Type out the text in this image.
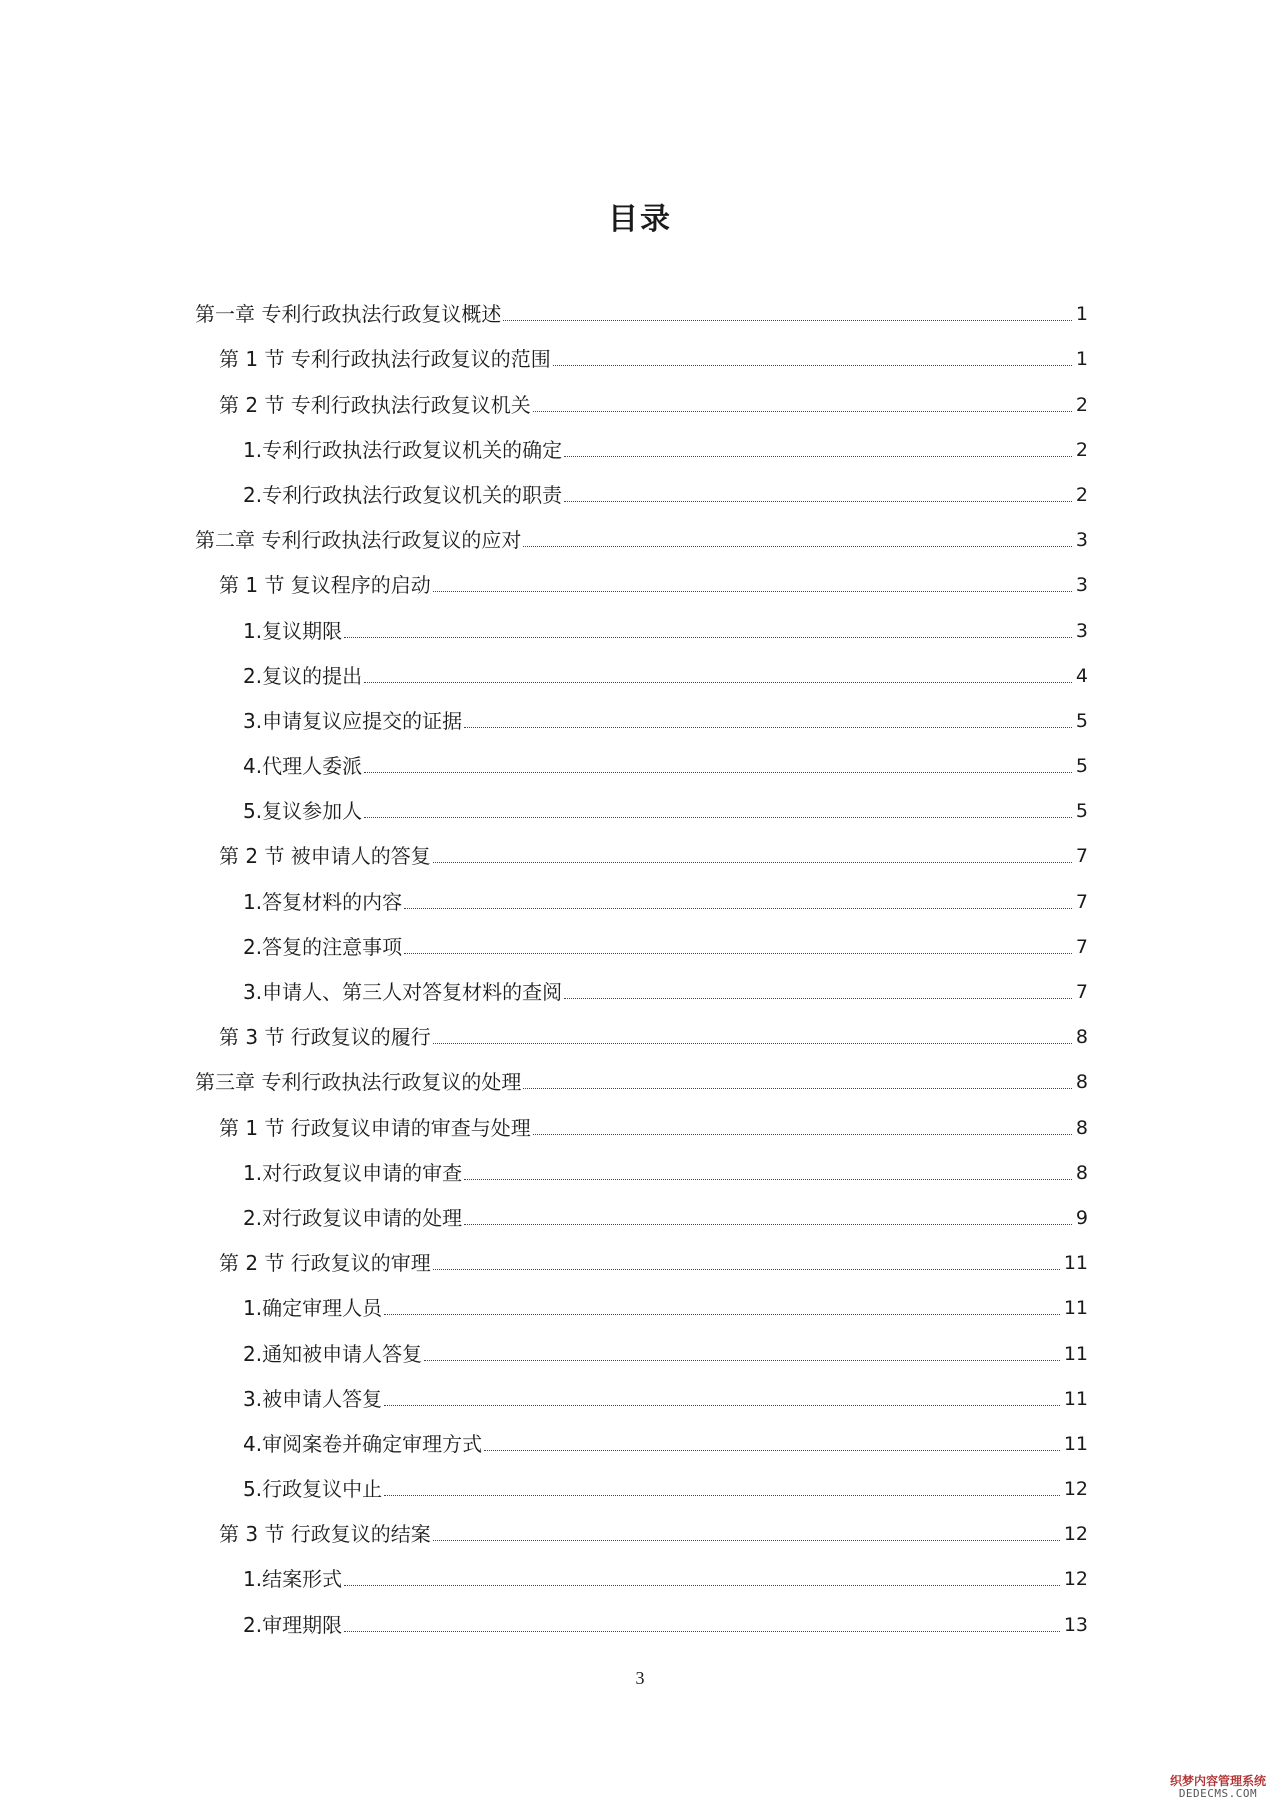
目录
第一章 专利行政执法行政复议概述	1
第 1 节 专利行政执法行政复议的范围	1
第 2 节 专利行政执法行政复议机关	2
1.专利行政执法行政复议机关的确定	2
2.专利行政执法行政复议机关的职责	2
第二章 专利行政执法行政复议的应对	3
第 1 节 复议程序的启动	3
1.复议期限	3
2.复议的提出	4
3.申请复议应提交的证据	5
4.代理人委派	5
5.复议参加人	5
第 2 节 被申请人的答复	7
1.答复材料的内容	7
2.答复的注意事项	7
3.申请人、第三人对答复材料的查阅	7
第 3 节 行政复议的履行	8
第三章 专利行政执法行政复议的处理	8
第 1 节 行政复议申请的审查与处理	8
1.对行政复议申请的审查	8
2.对行政复议申请的处理	9
第 2 节 行政复议的审理	11
1.确定审理人员	11
2.通知被申请人答复	11
3.被申请人答复	11
4.审阅案卷并确定审理方式	11
5.行政复议中止	12
第 3 节 行政复议的结案	12
1.结案形式	12
2.审理期限	13

3

织梦内容管理系统
DEDECMS.COM
